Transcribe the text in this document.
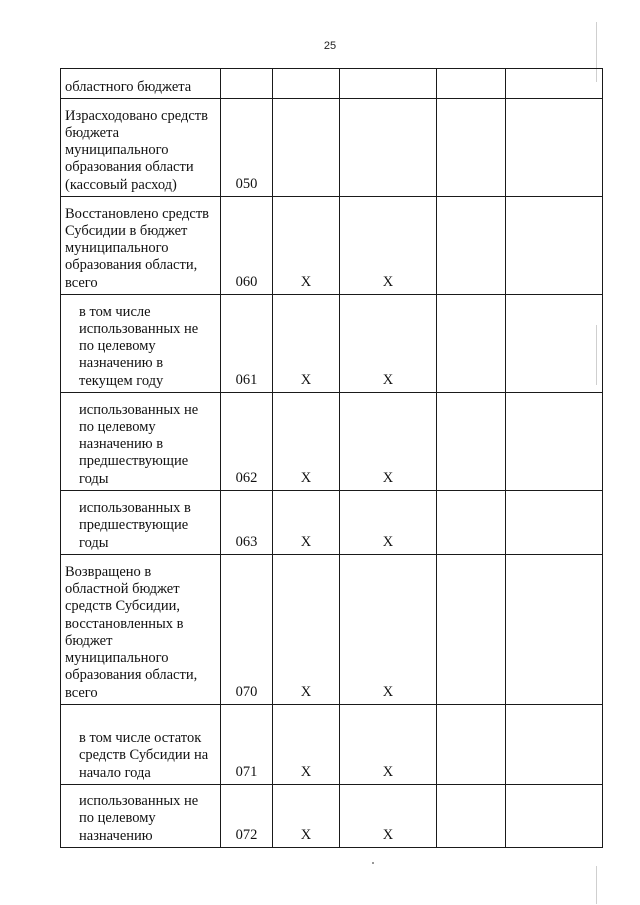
25
областного бюджета					

Израсходовано средств бюджета муниципального образования области (кассовый расход)	050				

Восстановлено средств Субсидии в бюджет муниципального образования области, всего	060	X	X		

в том числе использованных не по целевому назначению в текущем году	061	X	X		

использованных не по целевому назначению в предшествующие годы	062	X	X		

использованных в предшествующие годы	063	X	X		

Возвращено в областной бюджет средств Субсидии, восстановленных в бюджет муниципального образования области, всего	070	X	X		

в том числе остаток средств Субсидии на начало года	071	X	X		

использованных не по целевому назначению	072	X	X		
